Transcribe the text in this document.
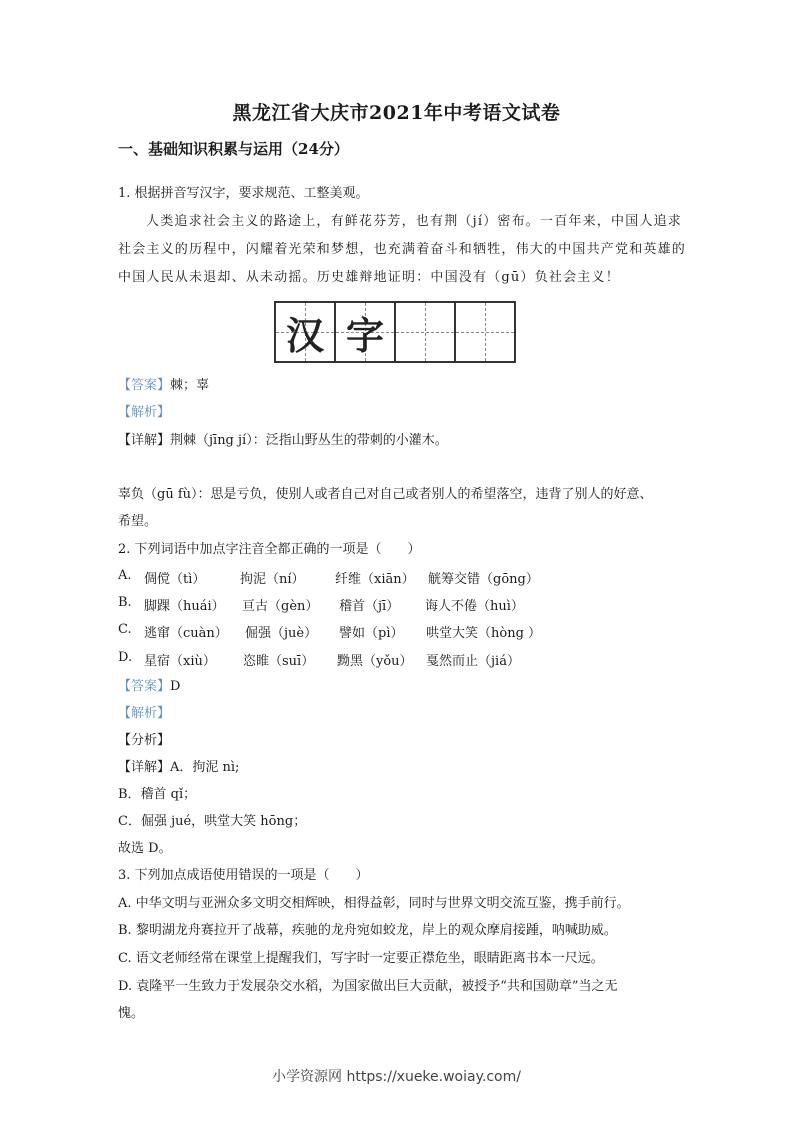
黑龙江省大庆市2021年中考语文试卷
一、基础知识积累与运用（24分）
1. 根据拼音写汉字，要求规范、工整美观。
人类追求社会主义的路途上，有鲜花芬芳，也有荆（jí）密布。一百年来，中国人追求
社会主义的历程中，闪耀着光荣和梦想，也充满着奋斗和牺牲，伟大的中国共产党和英雄的
中国人民从未退却、从未动摇。历史雄辩地证明：中国没有（gū）负社会主义！
汉 字
【答案】棘；辜
【解析】
【详解】荆棘（jīng jí）：泛指山野丛生的带刺的小灌木。
辜负（gū fù）：思是亏负，使别人或者自己对自己或者别人的希望落空，违背了别人的好意、
希望。
2. 下列词语中加点字注音全都正确的一项是（　　）
A. 倜傥（tì）	拘泥（ní） 纤维（xiān） 觥筹交错（gōng）
B. 脚踝（huái） 亘古（gèn） 稽首（jī） 诲人不倦（huì）
C. 逃窜（cuàn） 倔强（juè） 譬如（pì） 哄堂大笑（hòng ）
D. 星宿（xiù） 恣睢（suī） 黝黑（yǒu） 戛然而止（jiá）
【答案】D
【解析】
【分析】
【详解】A．拘泥 nì;
B．稽首 qǐ；
C．倔强 jué，哄堂大笑 hōng；
故选 D。
3. 下列加点成语使用错误的一项是（　　）
A. 中华文明与亚洲众多文明交相辉映，相得益彰，同时与世界文明交流互鉴，携手前行。
B. 黎明湖龙舟赛拉开了战幕，疾驰的龙舟宛如蛟龙，岸上的观众摩肩接踵，呐喊助威。
C. 语文老师经常在课堂上提醒我们，写字时一定要正襟危坐，眼睛距离书本一尺远。
D. 袁隆平一生致力于发展杂交水稻，为国家做出巨大贡献，被授予“共和国勋章”当之无
愧。
小学资源网 https://xueke.woiay.com/
